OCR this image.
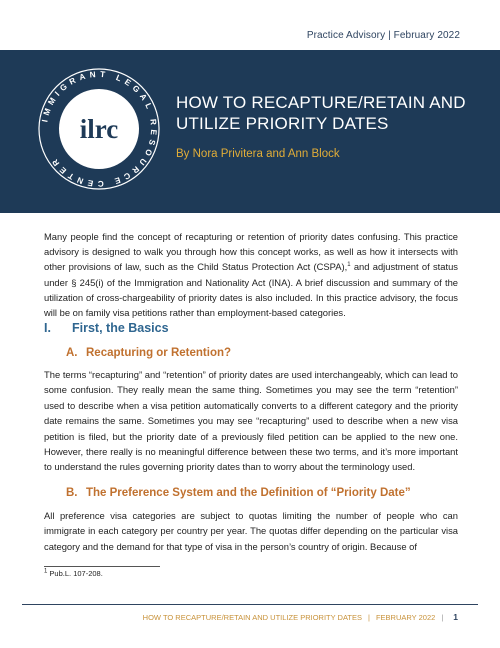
Practice Advisory | February 2022
IMMIGRANT LEGAL RESOURCE CENTER
ilrc
HOW TO RECAPTURE/RETAIN AND UTILIZE PRIORITY DATES
By Nora Privitera and Ann Block

Many people find the concept of recapturing or retention of priority dates confusing. This practice advisory is designed to walk you through how this concept works, as well as how it intersects with other provisions of law, such as the Child Status Protection Act (CSPA),$^1$ and adjustment of status under § 245(i) of the Immigration and Nationality Act (INA). A brief discussion and summary of the utilization of cross-chargeability of priority dates is also included. In this practice advisory, the focus will be on family visa petitions rather than employment-based categories.

I. First, the Basics
A. Recapturing or Retention?

The terms “recapturing” and “retention” of priority dates are used interchangeably, which can lead to some confusion. They really mean the same thing. Sometimes you may see the term “retention” used to describe when a visa petition automatically converts to a different category and the priority date remains the same. Sometimes you may see “recapturing” used to describe when a new visa petition is filed, but the priority date of a previously filed petition can be applied to the new one. However, there really is no meaningful difference between these two terms, and it’s more important to understand the rules governing priority dates than to worry about the terminology used.

B. The Preference System and the Definition of “Priority Date”

All preference visa categories are subject to quotas limiting the number of people who can immigrate in each category per country per year. The quotas differ depending on the particular visa category and the demand for that type of visa in the person’s country of origin. Because of

$^1$ Pub.L. 107-208.
HOW TO RECAPTURE/RETAIN AND UTILIZE PRIORITY DATES | FEBRUARY 2022 | 1
